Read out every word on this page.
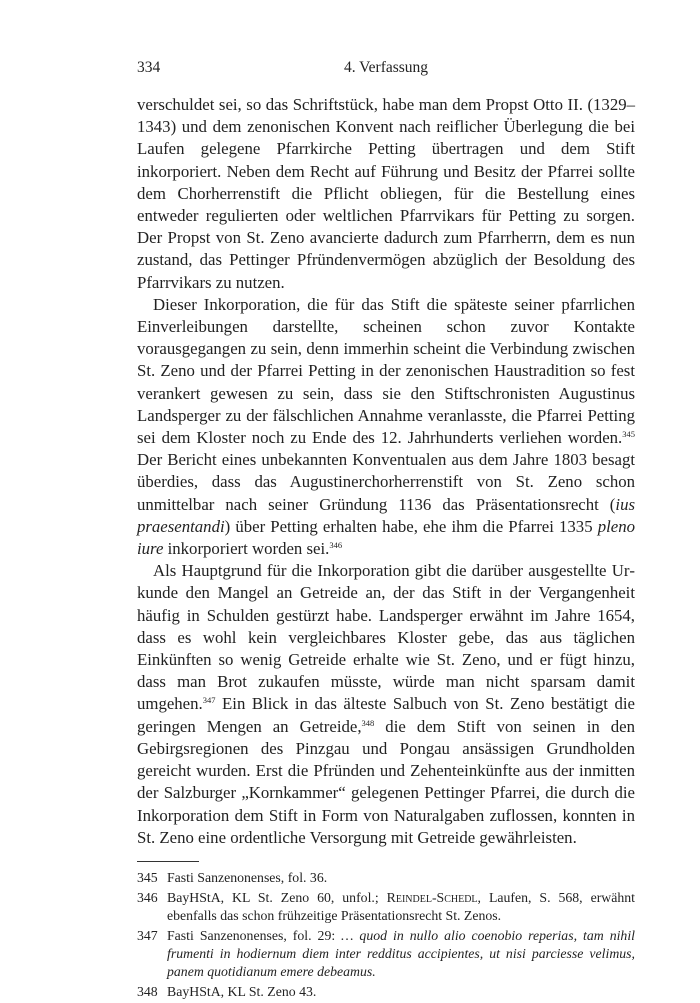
334	4. Verfassung

verschuldet sei, so das Schriftstück, habe man dem Propst Otto II. (1329–1343) und dem zenonischen Konvent nach reiflicher Überlegung die bei Laufen gelegene Pfarrkirche Petting übertragen und dem Stift inkorporiert. Neben dem Recht auf Führung und Besitz der Pfarrei sollte dem Chorherrenstift die Pflicht obliegen, für die Bestellung eines entweder regulierten oder weltlichen Pfarrvikars für Petting zu sorgen. Der Propst von St. Zeno avancierte dadurch zum Pfarrherrn, dem es nun zustand, das Pettinger Pfründenvermögen abzüglich der Besoldung des Pfarrvikars zu nutzen.

Dieser Inkorporation, die für das Stift die späteste seiner pfarrlichen Einverleibungen darstellte, scheinen schon zuvor Kontakte vorausgegangen zu sein, denn immerhin scheint die Verbindung zwischen St. Zeno und der Pfarrei Petting in der zenonischen Haustradition so fest verankert gewesen zu sein, dass sie den Stiftschronisten Augustinus Landsperger zu der fälschlichen Annahme veranlasste, die Pfarrei Petting sei dem Kloster noch zu Ende des 12. Jahrhunderts verliehen worden.$^{345}$ Der Bericht eines unbekannten Konventualen aus dem Jahre 1803 besagt überdies, dass das Augustinerchorherrenstift von St. Zeno schon unmittelbar nach seiner Gründung 1136 das Präsentationsrecht (ius praesentandi) über Petting erhalten habe, ehe ihm die Pfarrei 1335 pleno iure inkorporiert worden sei.$^{346}$

Als Hauptgrund für die Inkorporation gibt die darüber ausgestellte Urkunde den Mangel an Getreide an, der das Stift in der Vergangenheit häufig in Schulden gestürzt habe. Landsperger erwähnt im Jahre 1654, dass es wohl kein vergleichbares Kloster gebe, das aus täglichen Einkünften so wenig Getreide erhalte wie St. Zeno, und er fügt hinzu, dass man Brot zukaufen müsste, würde man nicht sparsam damit umgehen.$^{347}$ Ein Blick in das älteste Salbuch von St. Zeno bestätigt die geringen Mengen an Getreide,$^{348}$ die dem Stift von seinen in den Gebirgsregionen des Pinzgau und Pongau ansässigen Grundholden gereicht wurden. Erst die Pfründen und Zehenteinkünfte aus der inmitten der Salzburger „Kornkammer“ gelegenen Pettinger Pfarrei, die durch die Inkorporation dem Stift in Form von Naturalgaben zuflossen, konnten in St. Zeno eine ordentliche Versorgung mit Getreide gewährleisten.

345 Fasti Sanzenonenses, fol. 36.
346 BayHStA, KL St. Zeno 60, unfol.; Reindel-Schedl, Laufen, S. 568, erwähnt ebenfalls das schon frühzeitige Präsentationsrecht St. Zenos.
347 Fasti Sanzenonenses, fol. 29: … quod in nullo alio coenobio reperias, tam nihil frumenti in hodiernum diem inter redditus accipientes, ut nisi parciesse velimus, panem quotidianum emere debeamus.
348 BayHStA, KL St. Zeno 43.
